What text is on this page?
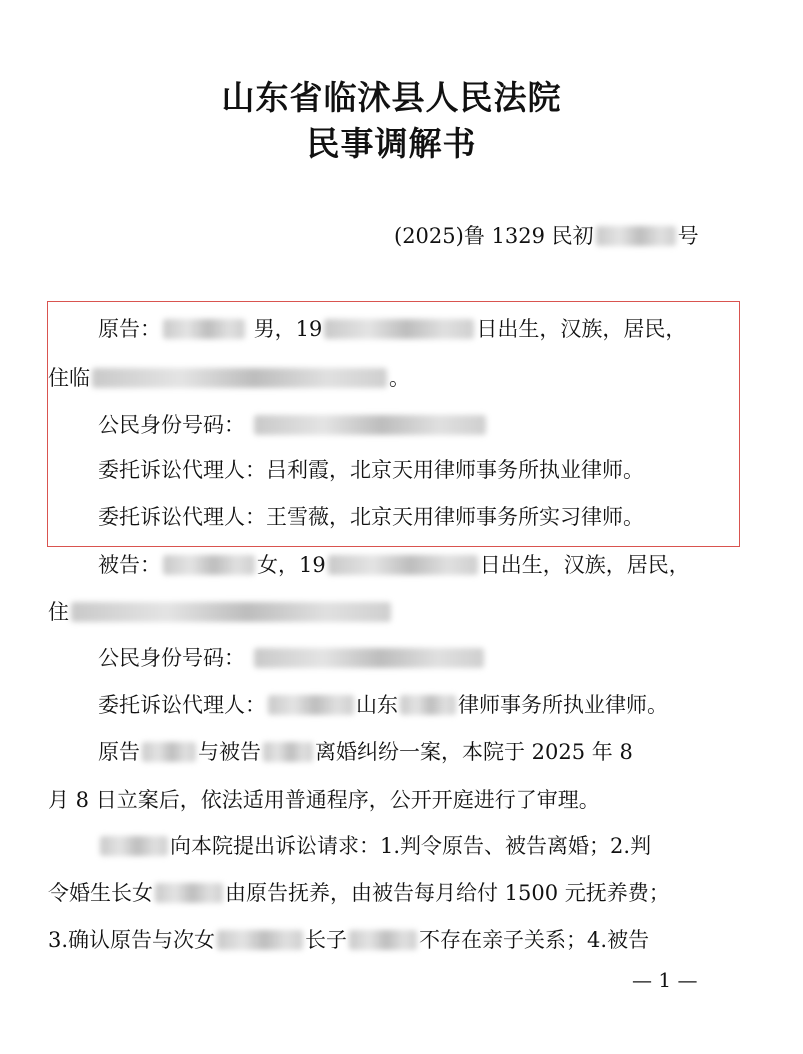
山东省临沭县人民法院
民事调解书
(2025)鲁 1329 民初	号
原告：	男，19	日出生，汉族，居民，
住临	。
公民身份号码：
委托诉讼代理人：吕利霞，北京天用律师事务所执业律师。
委托诉讼代理人：王雪薇，北京天用律师事务所实习律师。
被告：	女，19	日出生，汉族，居民，
住
公民身份号码：
委托诉讼代理人：	山东	律师事务所执业律师。
原告	与被告	离婚纠纷一案，本院于 2025 年 8
月 8 日立案后，依法适用普通程序，公开开庭进行了审理。
向本院提出诉讼请求：1.判令原告、被告离婚；2.判
令婚生长女	由原告抚养，由被告每月给付 1500 元抚养费；
3.确认原告与次女	长子	不存在亲子关系；4.被告
— 1 —
